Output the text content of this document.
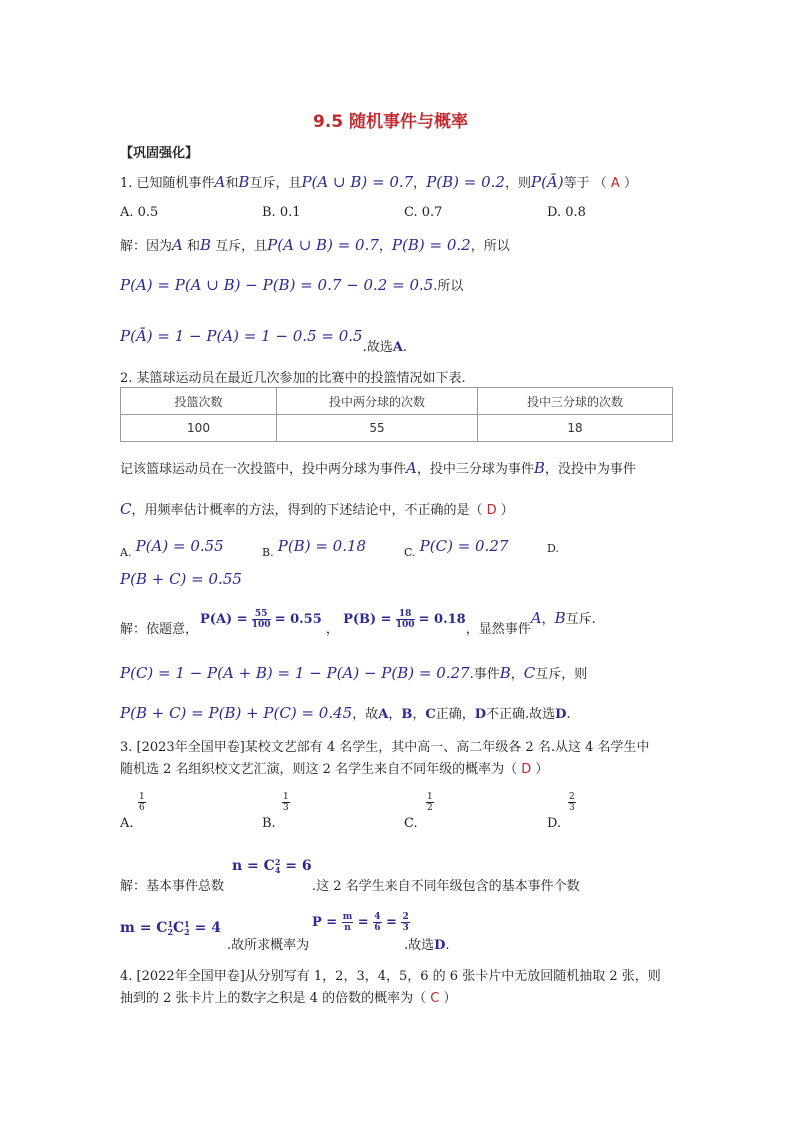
9.5 随机事件与概率
【巩固强化】
1. 已知随机事件A和B互斥，且P(A ∪ B) = 0.7，P(B) = 0.2，则P(Ā)等于 （ A ）
A. 0.5	B. 0.1	C. 0.7	D. 0.8
解：因为A 和B 互斥，且P(A ∪ B) = 0.7，P(B) = 0.2，所以
P(A) = P(A ∪ B) − P(B) = 0.7 − 0.2 = 0.5.所以
P(Ā) = 1 − P(A) = 1 − 0.5 = 0.5.故选A.
2. 某篮球运动员在最近几次参加的比赛中的投篮情况如下表.
投篮次数	投中两分球的次数	投中三分球的次数
100	55	18
记该篮球运动员在一次投篮中，投中两分球为事件A，投中三分球为事件B，没投中为事件
C，用频率估计概率的方法，得到的下述结论中，不正确的是（ D ）
$_{A.}$ P(A) = 0.55	$_{B.}$ P(B) = 0.18	$_{C.}$ P(C) = 0.27	D.
P(B + C) = 0.55
解：依题意，$P(A) = \frac{55}{100} = 0.55$ ， $P(B) = \frac{18}{100} = 0.18$，显然事件A，B互斥.
P(C) = 1 − P(A + B) = 1 − P(A) − P(B) = 0.27.事件B，C互斥，则
P(B + C) = P(B) + P(C) = 0.45，故A，B，C正确，D不正确.故选D.
3. [2023年全国甲卷]某校文艺部有 4 名学生，其中高一、高二年级各 2 名.从这 4 名学生中
随机选 2 名组织校文艺汇演，则这 2 名学生来自不同年级的概率为（ D ）
$\frac{1}{6}$
A.
$\frac{1}{3}$
B.
$\frac{1}{2}$
C.
$\frac{2}{3}$
D.
解：基本事件总数
n = C 2
4 = 6
.这 2 名学生来自不同年级包含的基本事件个数
m = C 1
2 C 1
2 = 4
.故所求概率为
$P = \frac{m}{n} = \frac{4}{6} = \frac{2}{3}$
.故选D.
4. [2022年全国甲卷]从分别写有 1，2，3，4，5，6 的 6 张卡片中无放回随机抽取 2 张，则
抽到的 2 张卡片上的数字之积是 4 的倍数的概率为（ C ）
